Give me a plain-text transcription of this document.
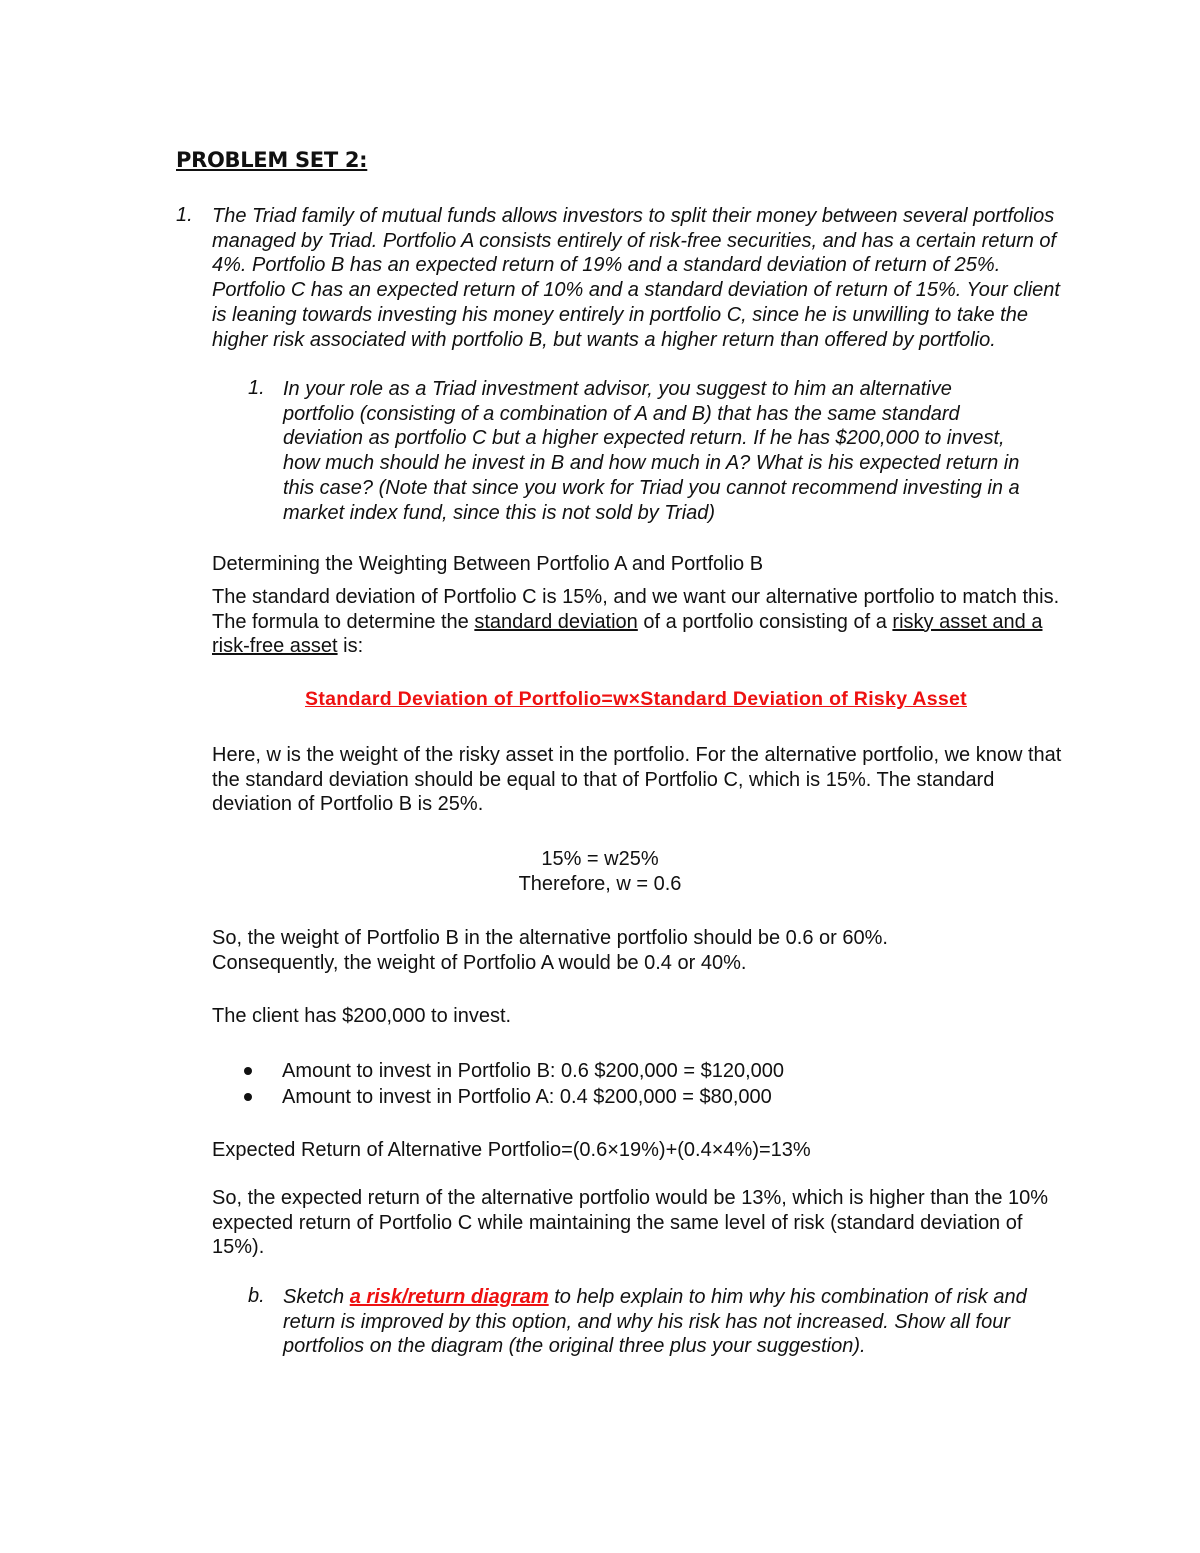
PROBLEM SET 2:
1. The Triad family of mutual funds allows investors to split their money between several portfolios managed by Triad. Portfolio A consists entirely of risk-free securities, and has a certain return of 4%. Portfolio B has an expected return of 19% and a standard deviation of return of 25%. Portfolio C has an expected return of 10% and a standard deviation of return of 15%. Your client is leaning towards investing his money entirely in portfolio C, since he is unwilling to take the higher risk associated with portfolio B, but wants a higher return than offered by portfolio.
1. In your role as a Triad investment advisor, you suggest to him an alternative portfolio (consisting of a combination of A and B) that has the same standard deviation as portfolio C but a higher expected return. If he has $200,000 to invest, how much should he invest in B and how much in A? What is his expected return in this case? (Note that since you work for Triad you cannot recommend investing in a market index fund, since this is not sold by Triad)
Determining the Weighting Between Portfolio A and Portfolio B
The standard deviation of Portfolio C is 15%, and we want our alternative portfolio to match this. The formula to determine the standard deviation of a portfolio consisting of a risky asset and a risk-free asset is:
Standard Deviation of Portfolio=w×Standard Deviation of Risky Asset
Here, w is the weight of the risky asset in the portfolio. For the alternative portfolio, we know that the standard deviation should be equal to that of Portfolio C, which is 15%. The standard deviation of Portfolio B is 25%.
15% = w25%
Therefore, w = 0.6
So, the weight of Portfolio B in the alternative portfolio should be 0.6 or 60%.
Consequently, the weight of Portfolio A would be 0.4 or 40%.
The client has $200,000 to invest.
Amount to invest in Portfolio B: 0.6 $200,000 = $120,000
Amount to invest in Portfolio A: 0.4 $200,000 = $80,000
Expected Return of Alternative Portfolio=(0.6×19%)+(0.4×4%)=13%
So, the expected return of the alternative portfolio would be 13%, which is higher than the 10% expected return of Portfolio C while maintaining the same level of risk (standard deviation of 15%).
b. Sketch a risk/return diagram to help explain to him why his combination of risk and return is improved by this option, and why his risk has not increased. Show all four portfolios on the diagram (the original three plus your suggestion).
